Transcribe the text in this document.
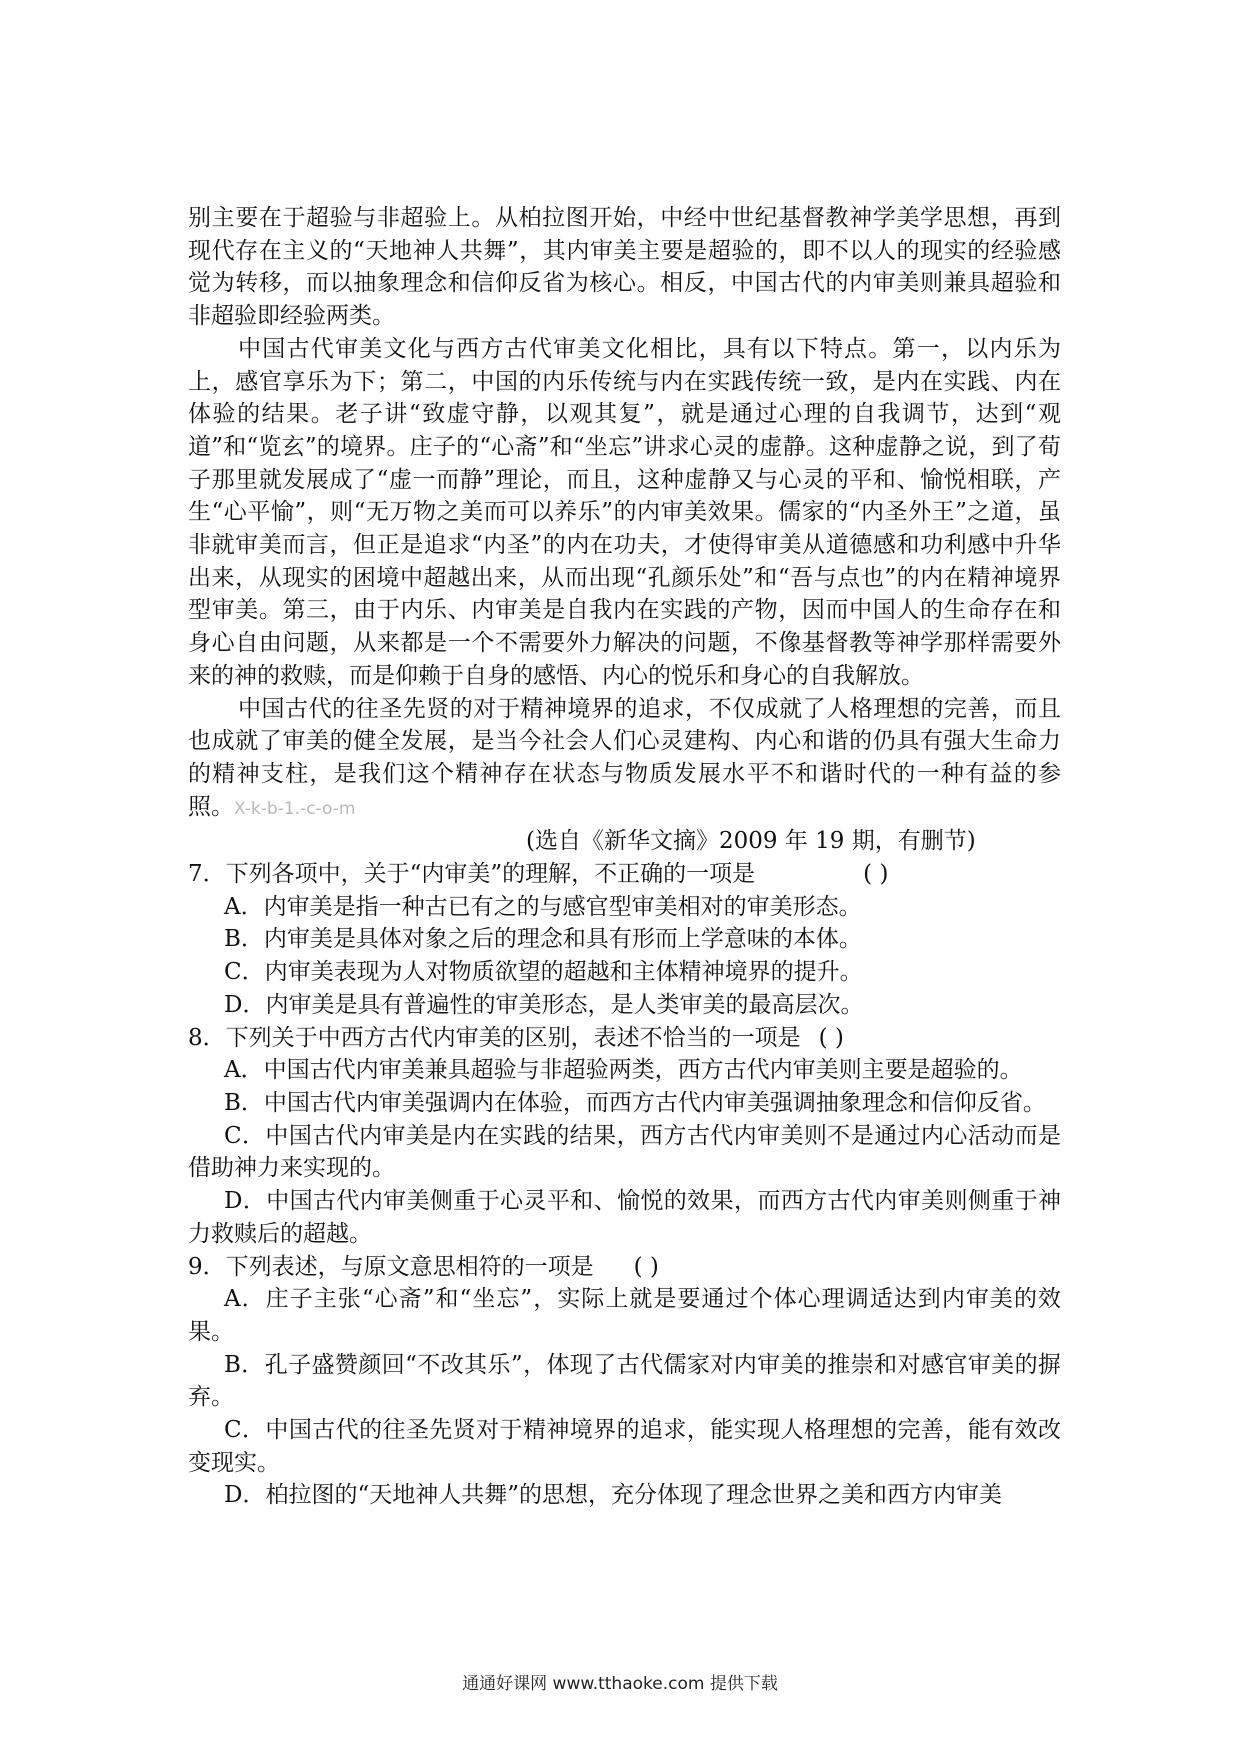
别主要在于超验与非超验上。从柏拉图开始，中经中世纪基督教神学美学思想，再到现代存在主义的“天地神人共舞”，其内审美主要是超验的，即不以人的现实的经验感觉为转移，而以抽象理念和信仰反省为核心。相反，中国古代的内审美则兼具超验和非超验即经验两类。

中国古代审美文化与西方古代审美文化相比，具有以下特点。第一，以内乐为上，感官享乐为下；第二，中国的内乐传统与内在实践传统一致，是内在实践、内在体验的结果。老子讲“致虚守静，以观其复”，就是通过心理的自我调节，达到“观道”和“览玄”的境界。庄子的“心斋”和“坐忘”讲求心灵的虚静。这种虚静之说，到了荀子那里就发展成了“虚一而静”理论，而且，这种虚静又与心灵的平和、愉悦相联，产生“心平愉”，则“无万物之美而可以养乐”的内审美效果。儒家的“内圣外王”之道，虽非就审美而言，但正是追求“内圣”的内在功夫，才使得审美从道德感和功利感中升华出来，从现实的困境中超越出来，从而出现“孔颜乐处”和“吾与点也”的内在精神境界型审美。第三，由于内乐、内审美是自我内在实践的产物，因而中国人的生命存在和身心自由问题，从来都是一个不需要外力解决的问题，不像基督教等神学那样需要外来的神的救赎，而是仰赖于自身的感悟、内心的悦乐和身心的自我解放。

中国古代的往圣先贤的对于精神境界的追求，不仅成就了人格理想的完善，而且也成就了审美的健全发展，是当今社会人们心灵建构、内心和谐的仍具有强大生命力的精神支柱，是我们这个精神存在状态与物质发展水平不和谐时代的一种有益的参照。X-k-b-1.-c-o-m

(选自《新华文摘》2009 年 19 期，有删节)

7．下列各项中，关于“内审美”的理解，不正确的一项是	( )

A．内审美是指一种古已有之的与感官型审美相对的审美形态。

B．内审美是具体对象之后的理念和具有形而上学意味的本体。

C．内审美表现为人对物质欲望的超越和主体精神境界的提升。

D．内审美是具有普遍性的审美形态，是人类审美的最高层次。

8．下列关于中西方古代内审美的区别，表述不恰当的一项是 ( )

A．中国古代内审美兼具超验与非超验两类，西方古代内审美则主要是超验的。

B．中国古代内审美强调内在体验，而西方古代内审美强调抽象理念和信仰反省。

C．中国古代内审美是内在实践的结果，西方古代内审美则不是通过内心活动而是借助神力来实现的。

D．中国古代内审美侧重于心灵平和、愉悦的效果，而西方古代内审美则侧重于神力救赎后的超越。

9．下列表述，与原文意思相符的一项是 ( )

A．庄子主张“心斋”和“坐忘”，实际上就是要通过个体心理调适达到内审美的效果。

B．孔子盛赞颜回“不改其乐”，体现了古代儒家对内审美的推崇和对感官审美的摒弃。

C．中国古代的往圣先贤对于精神境界的追求，能实现人格理想的完善，能有效改变现实。

D．柏拉图的“天地神人共舞”的思想，充分体现了理念世界之美和西方内审美

通通好课网 www.tthaoke.com 提供下载
